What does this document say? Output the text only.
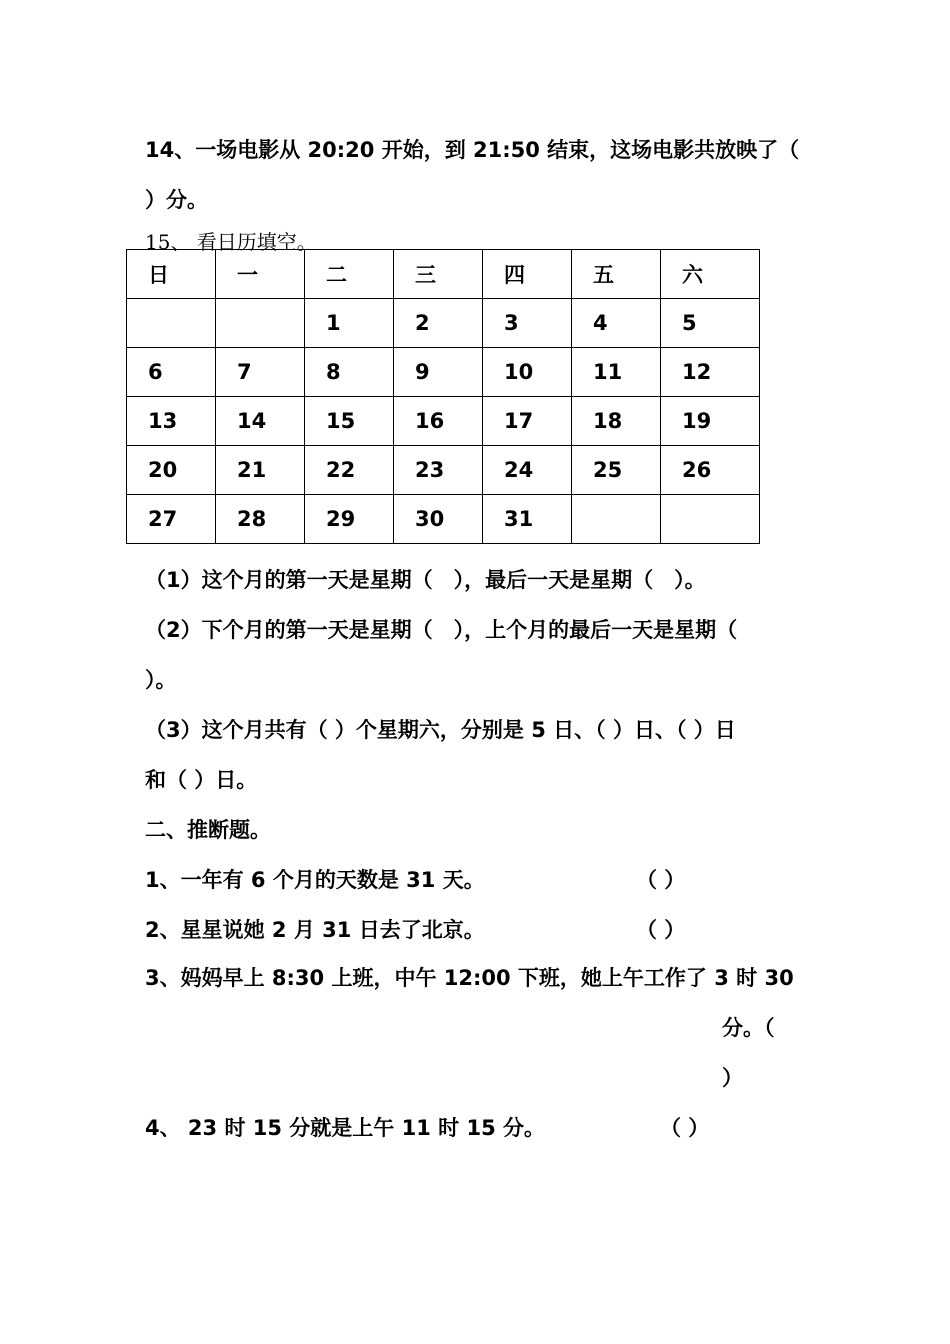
14、一场电影从 20:20 开始，到 21:50 结束，这场电影共放映了（
）分。
15、 看日历填空。
日	一	二	三	四	五	六
		1	2	3	4	5
6	7	8	9	10	11	12
13	14	15	16	17	18	19
20	21	22	23	24	25	26
27	28	29	30	31		
（1）这个月的第一天是星期（　），最后一天是星期（　）。
（2）下个月的第一天是星期（　），上个月的最后一天是星期（
）。
（3）这个月共有（ ）个星期六，分别是 5 日、（ ）日、（ ）日
和（ ）日。
二、推断题。
1、一年有 6 个月的天数是 31 天。	（ ）
2、星星说她 2 月 31 日去了北京。	（ ）
3、妈妈早上 8:30 上班，中午 12:00 下班，她上午工作了 3 时 30
分。（
）
4、 23 时 15 分就是上午 11 时 15 分。	（ ）
